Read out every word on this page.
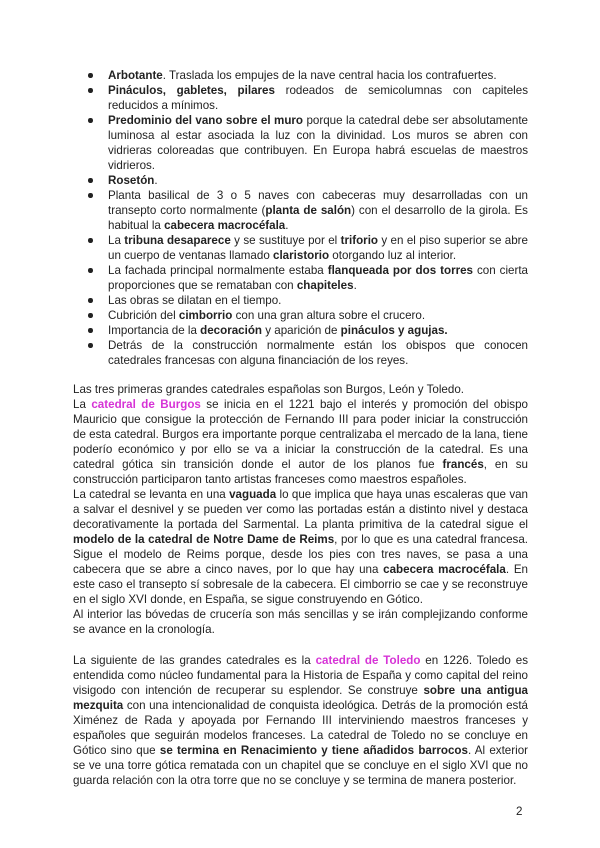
Arbotante. Traslada los empujes de la nave central hacia los contrafuertes.
Pináculos, gabletes, pilares rodeados de semicolumnas con capiteles reducidos a mínimos.
Predominio del vano sobre el muro porque la catedral debe ser absolutamente luminosa al estar asociada la luz con la divinidad. Los muros se abren con vidrieras coloreadas que contribuyen. En Europa habrá escuelas de maestros vidrieros.
Rosetón.
Planta basilical de 3 o 5 naves con cabeceras muy desarrolladas con un transepto corto normalmente (planta de salón) con el desarrollo de la girola. Es habitual la cabecera macrocéfala.
La tribuna desaparece y se sustituye por el triforio y en el piso superior se abre un cuerpo de ventanas llamado claristorio otorgando luz al interior.
La fachada principal normalmente estaba flanqueada por dos torres con cierta proporciones que se remataban con chapiteles.
Las obras se dilatan en el tiempo.
Cubrición del cimborrio con una gran altura sobre el crucero.
Importancia de la decoración y aparición de pináculos y agujas.
Detrás de la construcción normalmente están los obispos que conocen catedrales francesas con alguna financiación de los reyes.

Las tres primeras grandes catedrales españolas son Burgos, León y Toledo.

La catedral de Burgos se inicia en el 1221 bajo el interés y promoción del obispo Mauricio que consigue la protección de Fernando III para poder iniciar la construcción de esta catedral. Burgos era importante porque centralizaba el mercado de la lana, tiene poderío económico y por ello se va a iniciar la construcción de la catedral. Es una catedral gótica sin transición donde el autor de los planos fue francés, en su construcción participaron tanto artistas franceses como maestros españoles.

La catedral se levanta en una vaguada lo que implica que haya unas escaleras que van a salvar el desnivel y se pueden ver como las portadas están a distinto nivel y destaca decorativamente la portada del Sarmental. La planta primitiva de la catedral sigue el modelo de la catedral de Notre Dame de Reims, por lo que es una catedral francesa. Sigue el modelo de Reims porque, desde los pies con tres naves, se pasa a una cabecera que se abre a cinco naves, por lo que hay una cabecera macrocéfala. En este caso el transepto sí sobresale de la cabecera. El cimborrio se cae y se reconstruye en el siglo XVI donde, en España, se sigue construyendo en Gótico.

Al interior las bóvedas de crucería son más sencillas y se irán complejizando conforme se avance en la cronología.

La siguiente de las grandes catedrales es la catedral de Toledo en 1226. Toledo es entendida como núcleo fundamental para la Historia de España y como capital del reino visigodo con intención de recuperar su esplendor. Se construye sobre una antigua mezquita con una intencionalidad de conquista ideológica. Detrás de la promoción está Ximénez de Rada y apoyada por Fernando III interviniendo maestros franceses y españoles que seguirán modelos franceses. La catedral de Toledo no se concluye en Gótico sino que se termina en Renacimiento y tiene añadidos barrocos. Al exterior se ve una torre gótica rematada con un chapitel que se concluye en el siglo XVI que no guarda relación con la otra torre que no se concluye y se termina de manera posterior.

2
